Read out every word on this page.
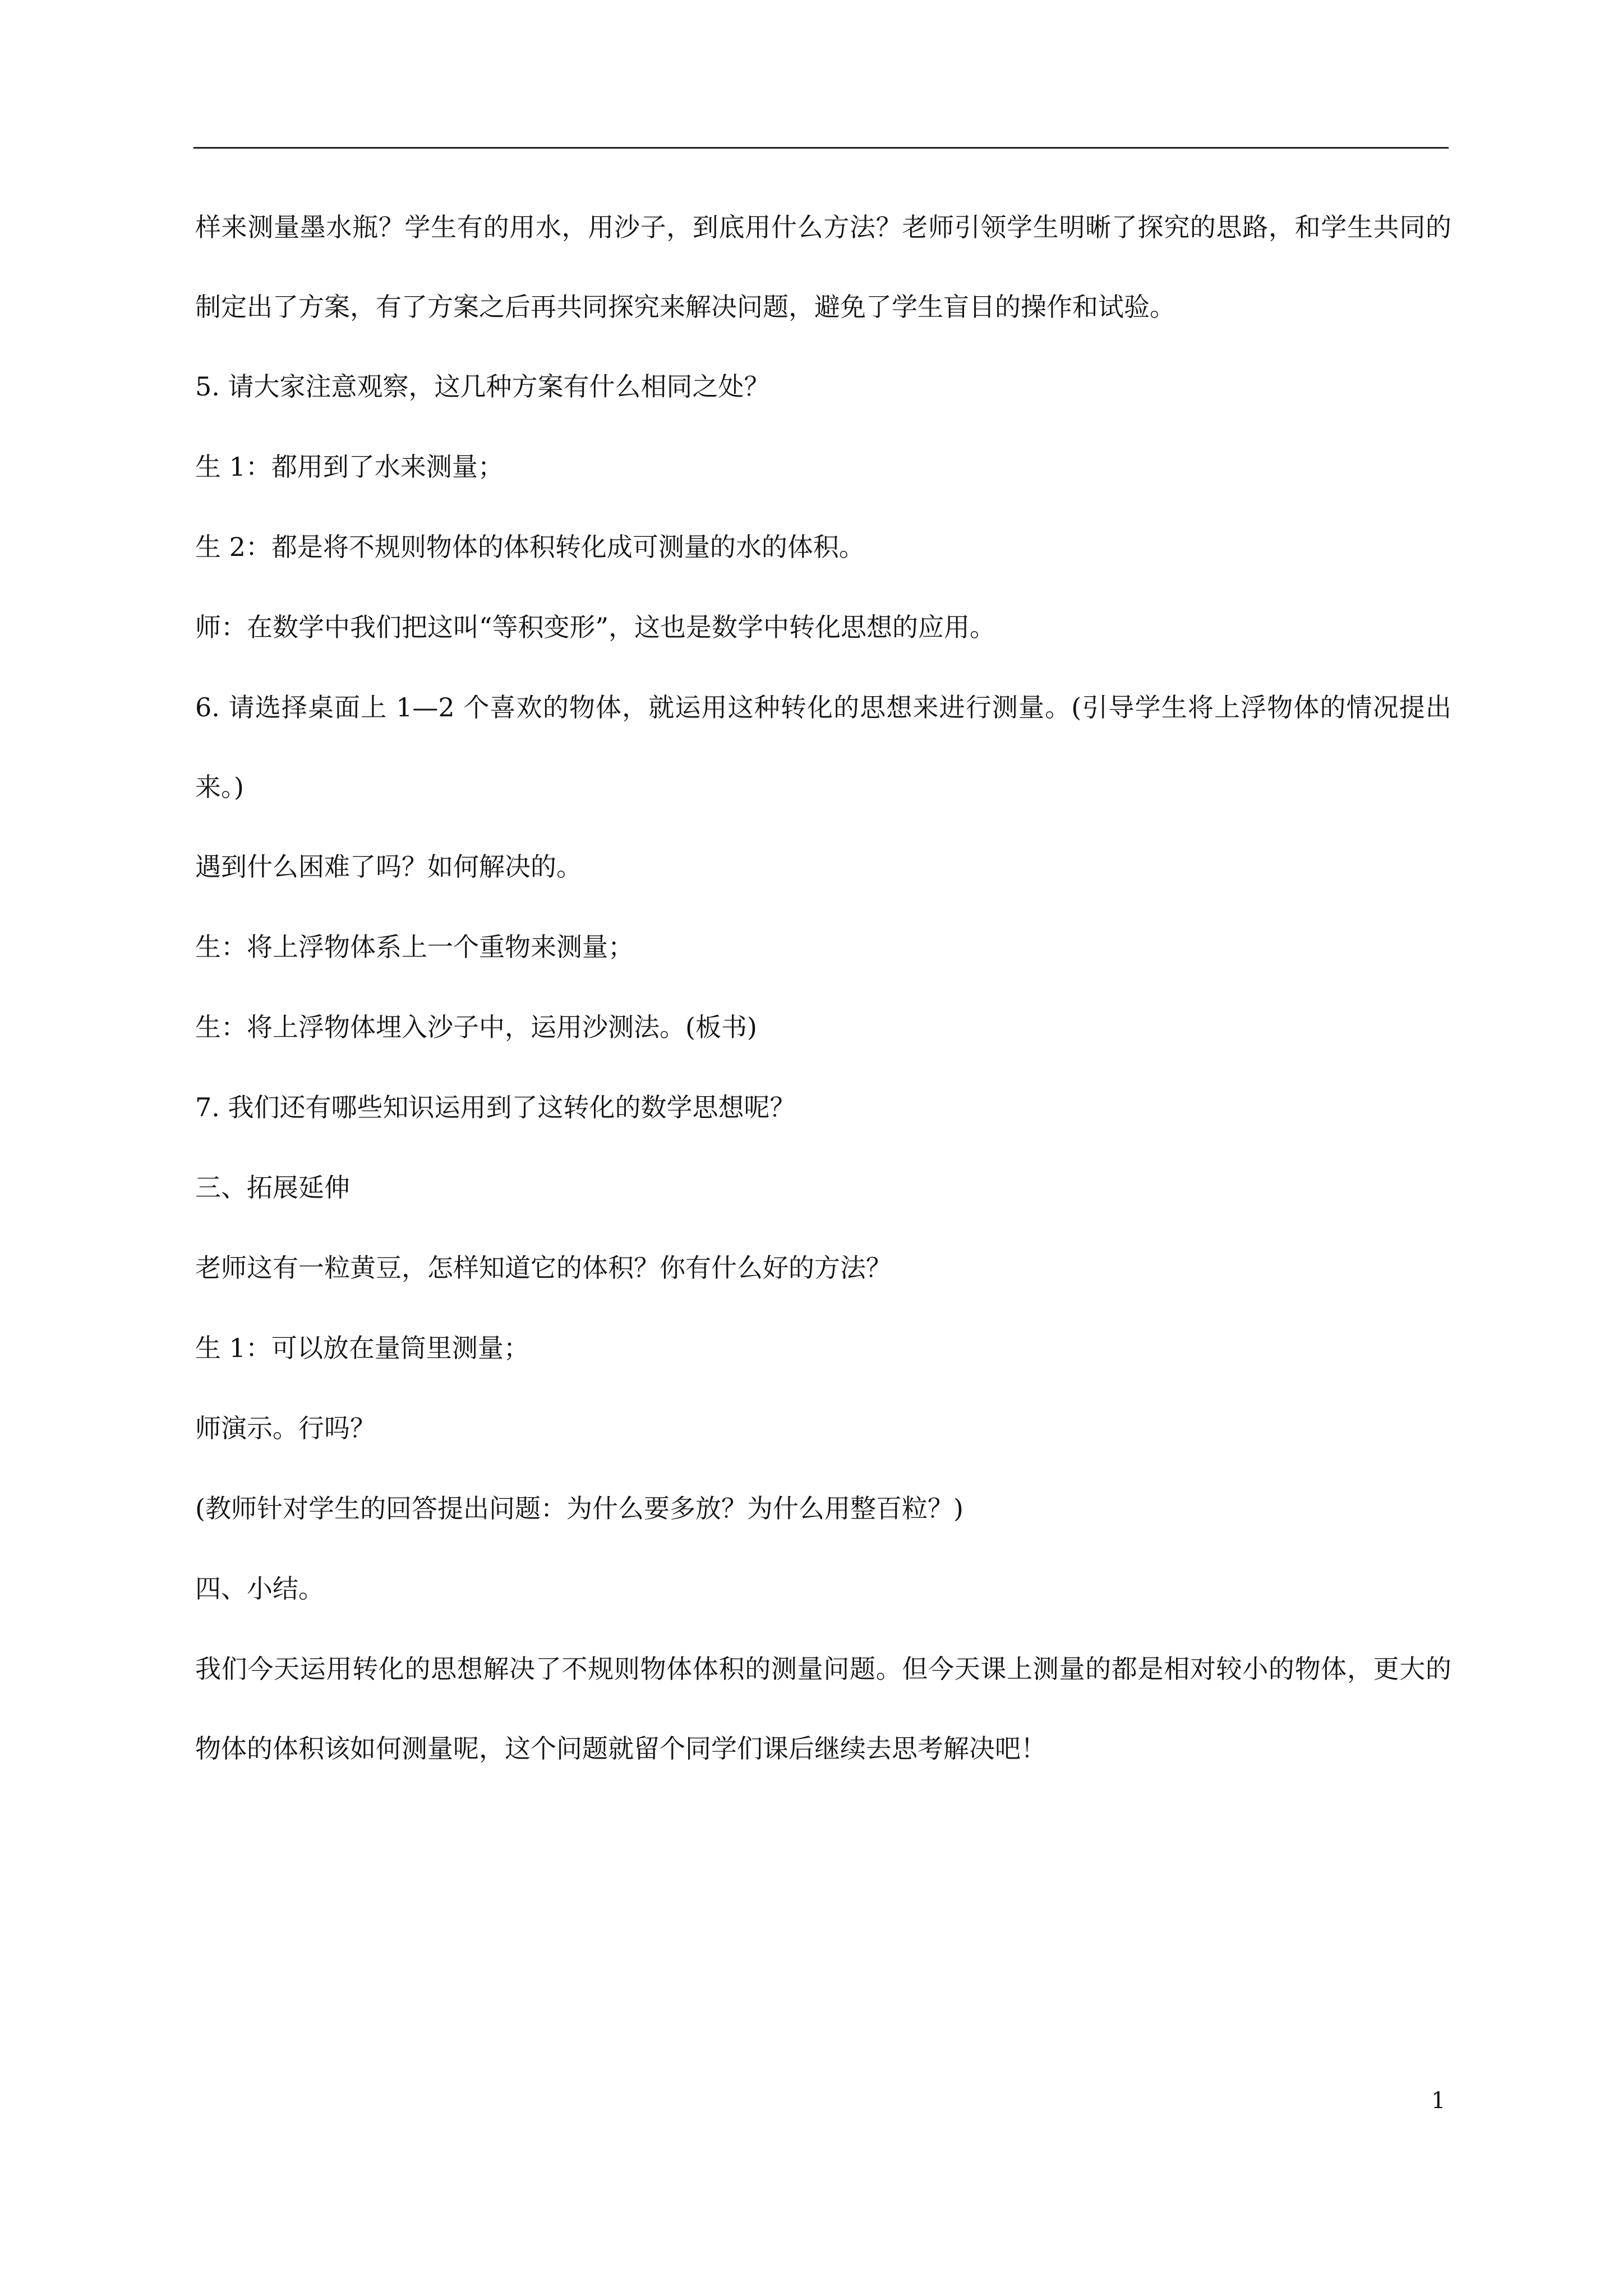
样来测量墨水瓶？学生有的用水，用沙子，到底用什么方法？老师引领学生明晰了探究的思路，和学生共同的制定出了方案，有了方案之后再共同探究来解决问题，避免了学生盲目的操作和试验。

5. 请大家注意观察，这几种方案有什么相同之处？

生 1：都用到了水来测量；

生 2：都是将不规则物体的体积转化成可测量的水的体积。

师：在数学中我们把这叫“等积变形”，这也是数学中转化思想的应用。

6. 请选择桌面上 1—2 个喜欢的物体，就运用这种转化的思想来进行测量。(引导学生将上浮物体的情况提出来。)

遇到什么困难了吗？如何解决的。

生：将上浮物体系上一个重物来测量；

生：将上浮物体埋入沙子中，运用沙测法。(板书)

7. 我们还有哪些知识运用到了这转化的数学思想呢？

三、拓展延伸

老师这有一粒黄豆，怎样知道它的体积？你有什么好的方法？

生 1：可以放在量筒里测量；

师演示。行吗？

(教师针对学生的回答提出问题：为什么要多放？为什么用整百粒？)

四、小结。

我们今天运用转化的思想解决了不规则物体体积的测量问题。但今天课上测量的都是相对较小的物体，更大的物体的体积该如何测量呢，这个问题就留个同学们课后继续去思考解决吧！

1
